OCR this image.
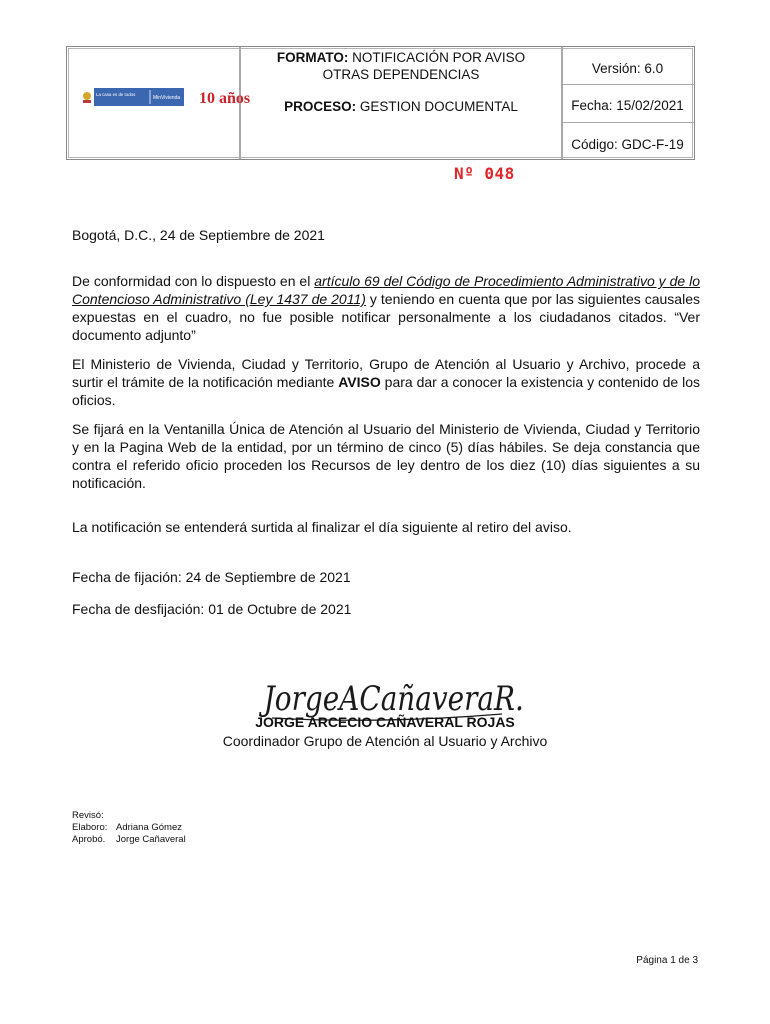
La casa es de todos
MinVivienda 10 años
FORMATO: NOTIFICACIÓN POR AVISO
OTRAS DEPENDENCIAS
PROCESO: GESTION DOCUMENTAL
Versión: 6.0
Fecha: 15/02/2021
Código: GDC-F-19
Nº 048
Bogotá, D.C., 24 de Septiembre de 2021
De conformidad con lo dispuesto en el artículo 69 del Código de Procedimiento Administrativo y de lo Contencioso Administrativo (Ley 1437 de 2011) y teniendo en cuenta que por las siguientes causales expuestas en el cuadro, no fue posible notificar personalmente a los ciudadanos citados. “Ver documento adjunto”
El Ministerio de Vivienda, Ciudad y Territorio, Grupo de Atención al Usuario y Archivo, procede a surtir el trámite de la notificación mediante AVISO para dar a conocer la existencia y contenido de los oficios.
Se fijará en la Ventanilla Única de Atención al Usuario del Ministerio de Vivienda, Ciudad y Territorio y en la Pagina Web de la entidad, por un término de cinco (5) días hábiles. Se deja constancia que contra el referido oficio proceden los Recursos de ley dentro de los diez (10) días siguientes a su notificación.
La notificación se entenderá surtida al finalizar el día siguiente al retiro del aviso.
Fecha de fijación: 24 de Septiembre de 2021
Fecha de desfijación: 01 de Octubre de 2021
JorgeACañaveraR.
JORGE ARCECIO CAÑAVERAL ROJAS
Coordinador Grupo de Atención al Usuario y Archivo
Revisó:
Elaboro: Adriana Gómez
Aprobó. Jorge Cañaveral
Página 1 de 3
